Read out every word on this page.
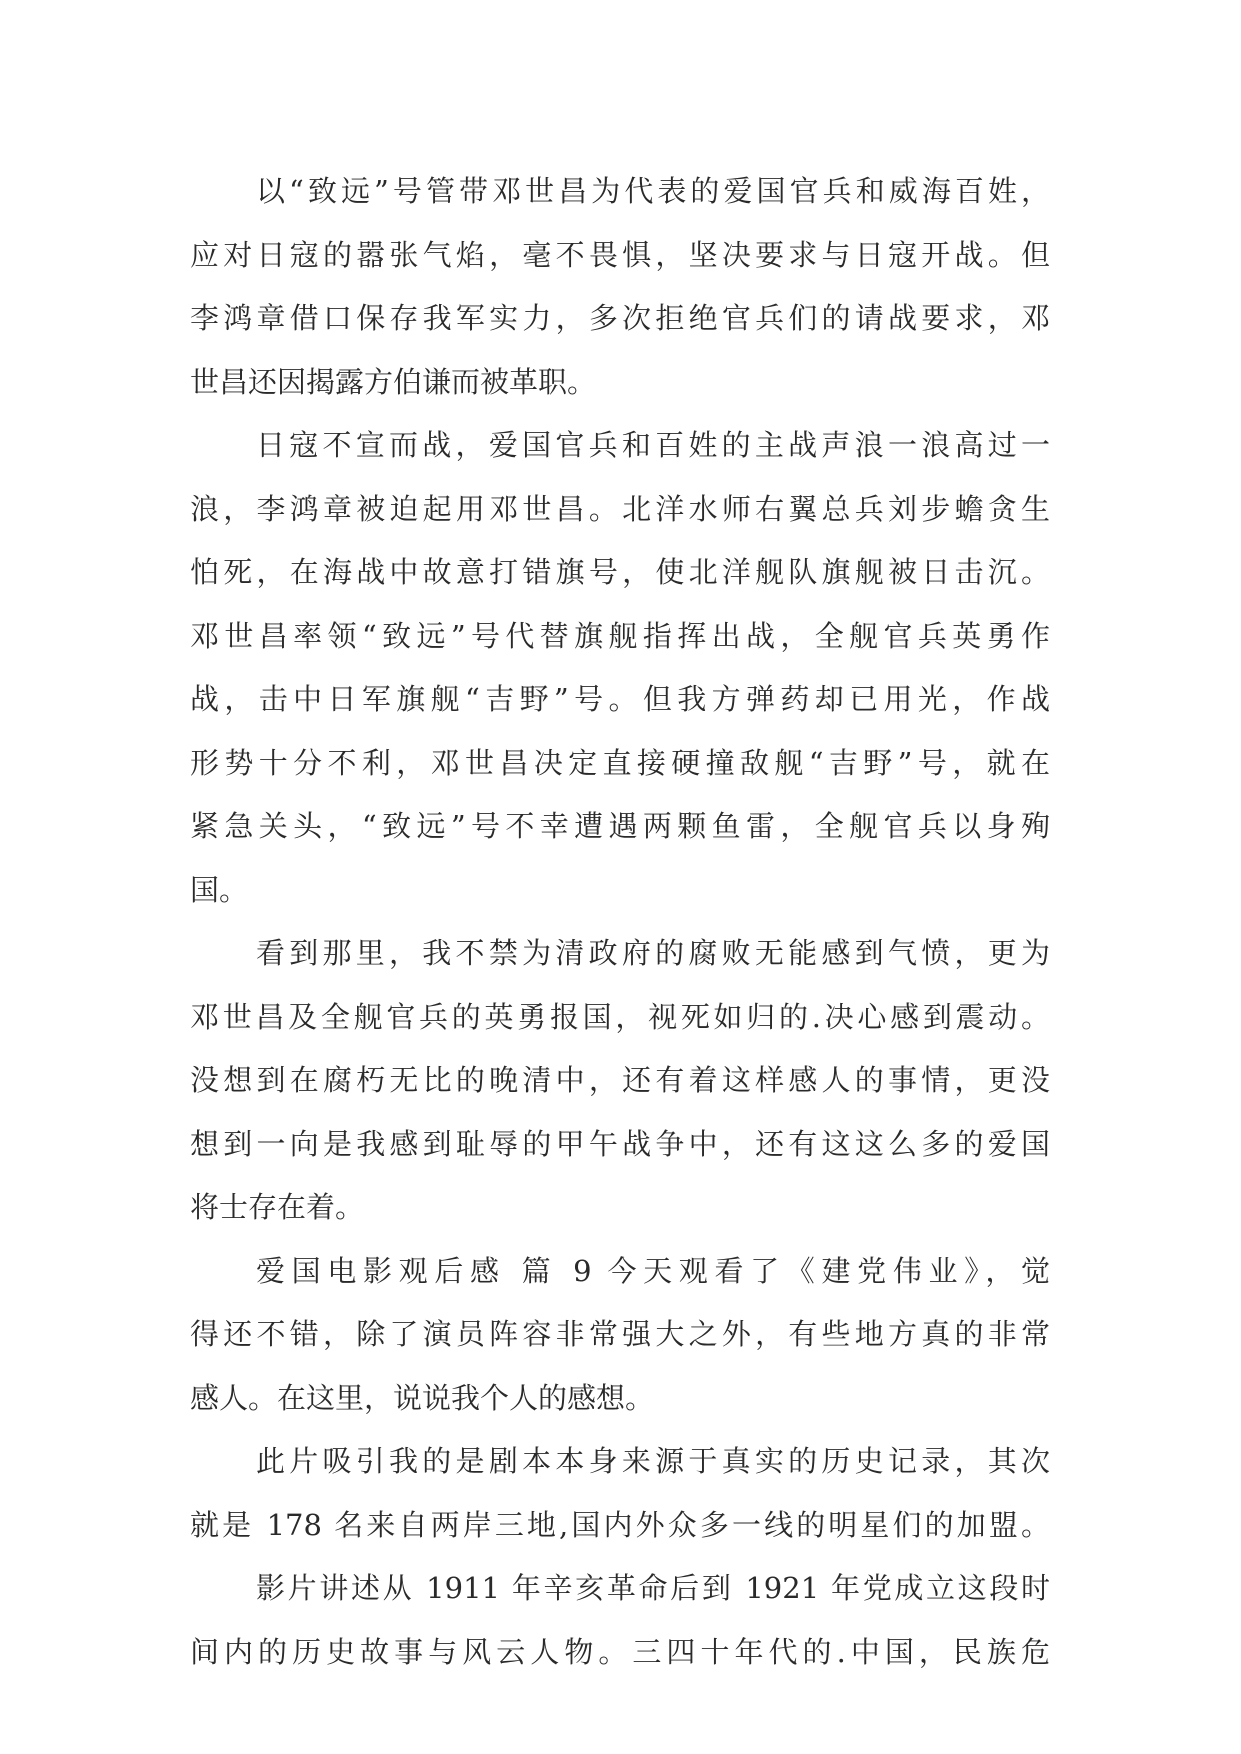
以“致远”号管带邓世昌为代表的爱国官兵和威海百姓，
应对日寇的嚣张气焰，毫不畏惧，坚决要求与日寇开战。但
李鸿章借口保存我军实力，多次拒绝官兵们的请战要求，邓
世昌还因揭露方伯谦而被革职。
日寇不宣而战，爱国官兵和百姓的主战声浪一浪高过一
浪，李鸿章被迫起用邓世昌。北洋水师右翼总兵刘步蟾贪生
怕死，在海战中故意打错旗号，使北洋舰队旗舰被日击沉。
邓世昌率领“致远”号代替旗舰指挥出战，全舰官兵英勇作
战，击中日军旗舰“吉野”号。但我方弹药却已用光，作战
形势十分不利，邓世昌决定直接硬撞敌舰“吉野”号，就在
紧急关头，“致远”号不幸遭遇两颗鱼雷，全舰官兵以身殉
国。
看到那里，我不禁为清政府的腐败无能感到气愤，更为
邓世昌及全舰官兵的英勇报国，视死如归的.决心感到震动。
没想到在腐朽无比的晚清中，还有着这样感人的事情，更没
想到一向是我感到耻辱的甲午战争中，还有这这么多的爱国
将士存在着。
爱国电影观后感 篇 9 今天观看了《建党伟业》，觉
得还不错，除了演员阵容非常强大之外，有些地方真的非常
感人。在这里，说说我个人的感想。
此片吸引我的是剧本本身来源于真实的历史记录，其次
就是 178 名来自两岸三地,国内外众多一线的明星们的加盟。
影片讲述从 1911 年辛亥革命后到 1921 年党成立这段时
间内的历史故事与风云人物。三四十年代的.中国，民族危
